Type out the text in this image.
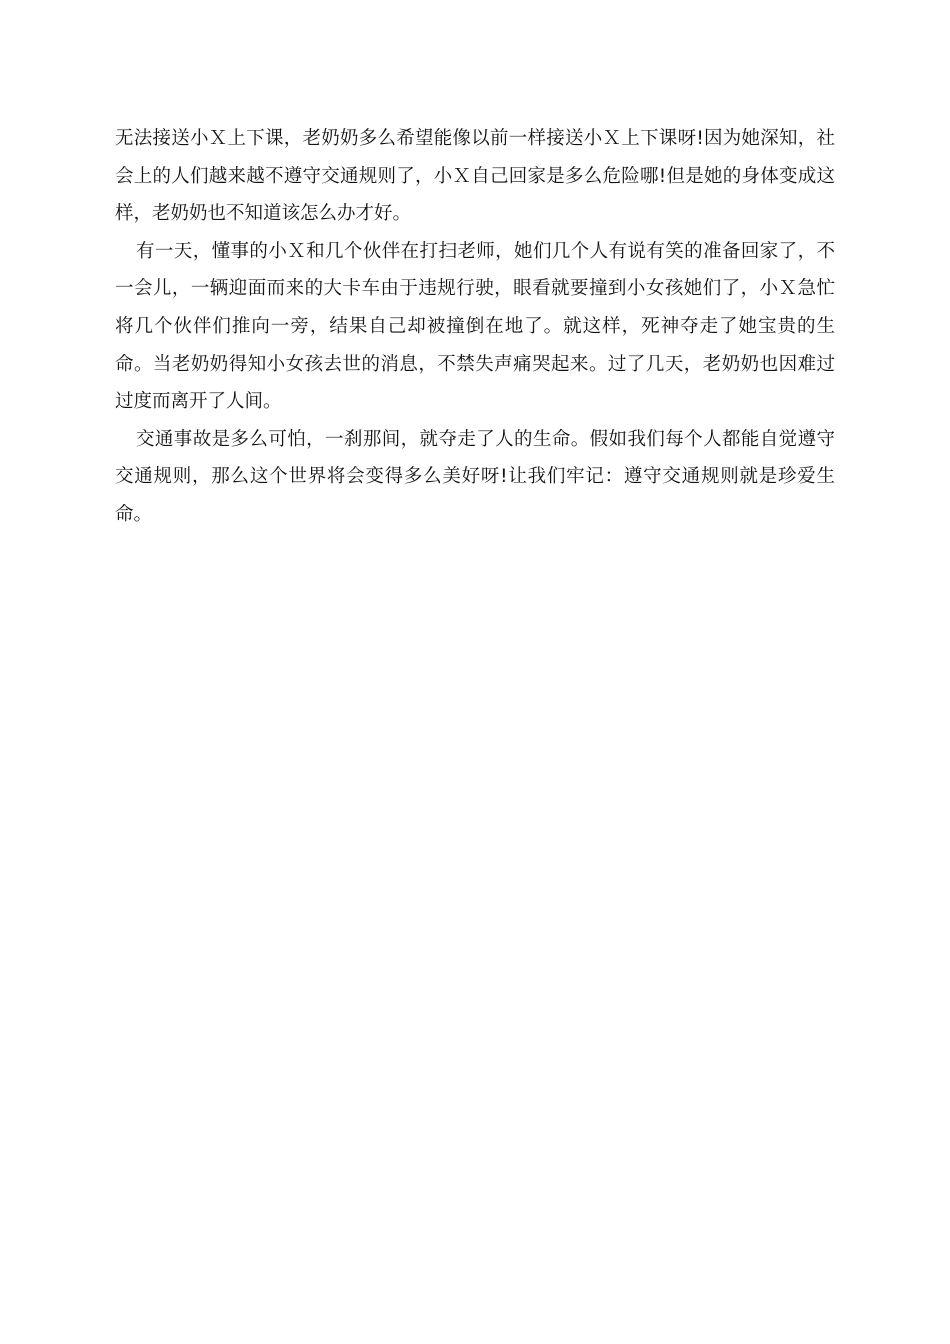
无法接送小Ｘ上下课，老奶奶多么希望能像以前一样接送小Ｘ上下课呀!因为她深知，社会上的人们越来越不遵守交通规则了，小Ｘ自己回家是多么危险哪!但是她的身体变成这样，老奶奶也不知道该怎么办才好。

有一天，懂事的小Ｘ和几个伙伴在打扫老师，她们几个人有说有笑的准备回家了，不一会儿，一辆迎面而来的大卡车由于违规行驶，眼看就要撞到小女孩她们了，小Ｘ急忙将几个伙伴们推向一旁，结果自己却被撞倒在地了。就这样，死神夺走了她宝贵的生命。当老奶奶得知小女孩去世的消息，不禁失声痛哭起来。过了几天，老奶奶也因难过过度而离开了人间。

交通事故是多么可怕，一刹那间，就夺走了人的生命。假如我们每个人都能自觉遵守交通规则，那么这个世界将会变得多么美好呀!让我们牢记：遵守交通规则就是珍爱生命。
